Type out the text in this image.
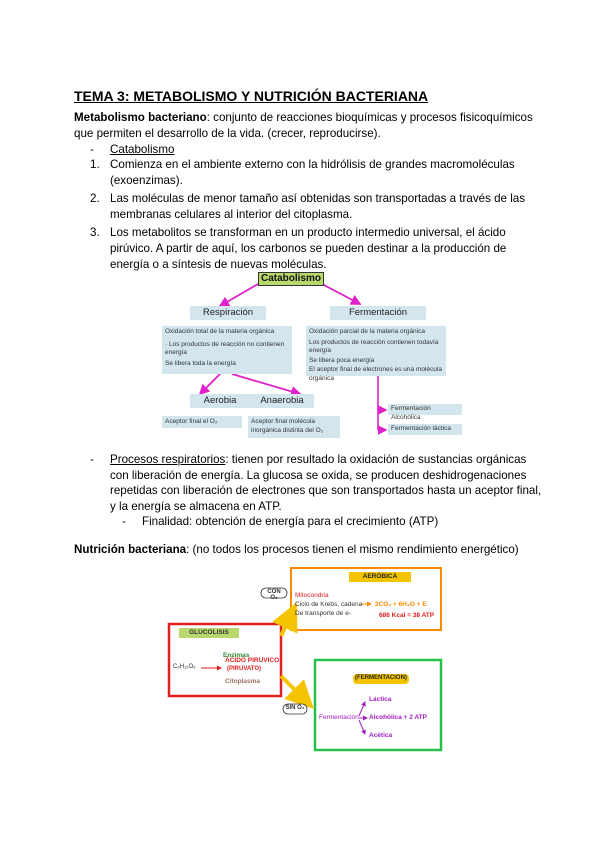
TEMA 3: METABOLISMO Y NUTRICIÓN BACTERIANA
Metabolismo bacteriano: conjunto de reacciones bioquímicas y procesos fisicoquímicos
que permiten el desarrollo de la vida. (crecer, reproducirse).
- Catabolismo
1. Comienza en el ambiente externo con la hidrólisis de grandes macromoléculas
(exoenzimas).
2. Las moléculas de menor tamaño así obtenidas son transportadas a través de las
membranas celulares al interior del citoplasma.
3. Los metabolitos se transforman en un producto intermedio universal, el ácido
pirúvico. A partir de aquí, los carbonos se pueden destinar a la producción de
energía o a síntesis de nuevas moléculas.
Catabolismo
Respiración
Oxidación total de la materia orgánica
· Los productos de reacción no contienen energía
Se libera toda la energía
Fermentación
Oxidación parcial de la materia orgánica
Los productos de reacción contienen todavía energía
Se libera poca energía
El aceptor final de electrones es una molécula orgánica
Aerobia
Aceptor final el O₂
Anaerobia
Aceptor final molécula inorgánica distinta del O₂
Fermentación Alcohólica
Fermentación láctica
-	Procesos respiratorios: tienen por resultado la oxidación de sustancias orgánicas
con liberación de energía. La glucosa se oxida, se producen deshidrogenaciones
repetidas con liberación de electrones que son transportados hasta un aceptor final,
y la energía se almacena en ATP.
-	Finalidad: obtención de energía para el crecimiento (ATP)
Nutrición bacteriana: (no todos los procesos tienen el mismo rendimiento energético)
CON O₂
SIN O₂
GLUCOLISIS
Enzimas
C₆H₁₂O₆
ÁCIDO PIRUVICO
(PIRUVATO)
Citoplasma
AERÓBICA
Mitocondria
Ciclo de Krebs, cadena
De transporte de e-
2CO₂ + 6H₂O + E
686 Kcal = 38 ATP
(FERMENTACION)
Fermentación
Láctica
Alcohólica + 2 ATP
Acética
